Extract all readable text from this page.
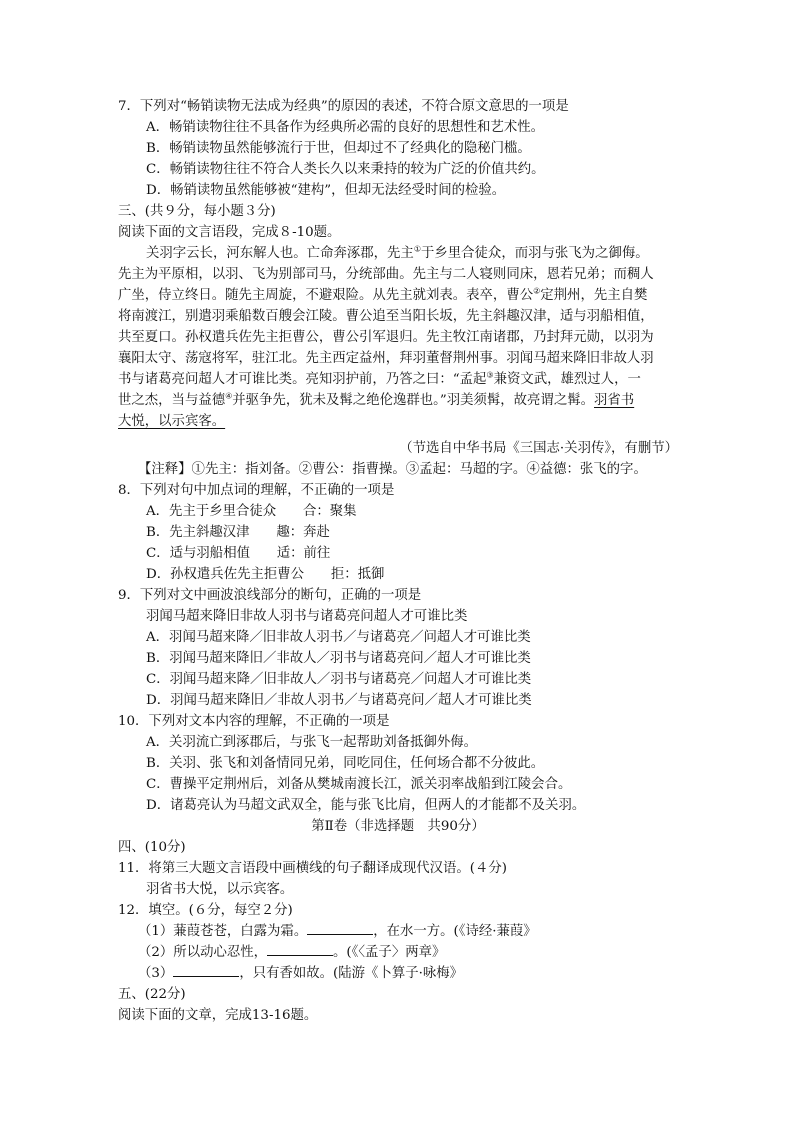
7．下列对“畅销读物无法成为经典”的原因的表述，不符合原文意思的一项是
A．畅销读物往往不具备作为经典所必需的良好的思想性和艺术性。
B．畅销读物虽然能够流行于世，但却过不了经典化的隐秘门槛。
C．畅销读物往往不符合人类长久以来秉持的较为广泛的价值共约。
D．畅销读物虽然能够被“建构”，但却无法经受时间的检验。
三、(共９分，每小题３分)
阅读下面的文言语段，完成８-10题。
关羽字云长，河东解人也。亡命奔涿郡，先主①于乡里合徒众，而羽与张飞为之御侮。
先主为平原相，以羽、飞为别部司马，分统部曲。先主与二人寝则同床，恩若兄弟；而稠人
广坐，侍立终日。随先主周旋，不避艰险。从先主就刘表。表卒，曹公②定荆州，先主自樊
将南渡江，别遣羽乘船数百艘会江陵。曹公追至当阳长坂，先主斜趣汉津，适与羽船相值，
共至夏口。孙权遣兵佐先主拒曹公，曹公引军退归。先主牧江南诸郡，乃封拜元勋，以羽为
襄阳太守、荡寇将军，驻江北。先主西定益州，拜羽董督荆州事。羽闻马超来降旧非故人羽
书与诸葛亮问超人才可谁比类。亮知羽护前，乃答之曰：“孟起③兼资文武，雄烈过人，一
世之杰，当与益德④并驱争先，犹未及髯之绝伦逸群也。”羽美须髯，故亮谓之髯。羽省书
大悦，以示宾客。
（节选自中华书局《三国志·关羽传》，有删节）
【注释】①先主：指刘备。②曹公：指曹操。③孟起：马超的字。④益德：张飞的字。
8．下列对句中加点词的理解，不正确的一项是
A．先主于乡里合徒众　　合：聚集
B．先主斜趣汉津　　趣：奔赴
C．适与羽船相值　　适：前往
D．孙权遣兵佐先主拒曹公　　拒：抵御
9．下列对文中画波浪线部分的断句，正确的一项是
羽闻马超来降旧非故人羽书与诸葛亮问超人才可谁比类
A．羽闻马超来降／旧非故人羽书／与诸葛亮／问超人才可谁比类
B．羽闻马超来降旧／非故人／羽书与诸葛亮问／超人才可谁比类
C．羽闻马超来降／旧非故人／羽书与诸葛亮／问超人才可谁比类
D．羽闻马超来降旧／非故人羽书／与诸葛亮问／超人才可谁比类
10．下列对文本内容的理解，不正确的一项是
A．关羽流亡到涿郡后，与张飞一起帮助刘备抵御外侮。
B．关羽、张飞和刘备情同兄弟，同吃同住，任何场合都不分彼此。
C．曹操平定荆州后，刘备从樊城南渡长江，派关羽率战船到江陵会合。
D．诸葛亮认为马超文武双全，能与张飞比肩，但两人的才能都不及关羽。
第Ⅱ卷（非选择题　共90分）
四、(10分)
11．将第三大题文言语段中画横线的句子翻译成现代汉语。(４分)
羽省书大悦，以示宾客。
12．填空。(６分，每空２分)
（1）蒹葭苍苍，白露为霜。	，在水一方。(《诗经·蒹葭》
（2）所以动心忍性，	。(《〈孟子〉两章》
（3）	，只有香如故。(陆游《卜算子·咏梅》
五、(22分)
阅读下面的文章，完成13-16题。
